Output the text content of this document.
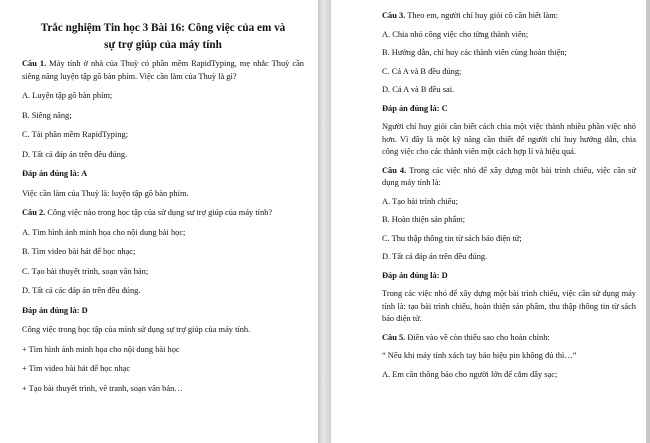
Trắc nghiệm Tin học 3 Bài 16: Công việc của em và
sự trợ giúp của máy tính

Câu 1. Máy tính ở nhà của Thuỳ có phần mềm RapidTyping, mẹ nhắc Thuỳ cần siêng năng luyện tập gõ bàn phím. Việc cần làm của Thuỳ là gì?

A. Luyện tập gõ bàn phím;

B. Siêng năng;

C. Tải phần mềm RapidTyping;

D. Tất cả đáp án trên đều đúng.

Đáp án đúng là: A

Việc cần làm của Thuỳ là: luyện tập gõ bàn phím.

Câu 2. Công việc nào trong học tập của sử dụng sự trợ giúp của máy tính?

A. Tìm hình ảnh minh họa cho nội dung bài học;

B. Tìm video bài hát để học nhạc;

C. Tạo bài thuyết trình, soạn văn bản;

D. Tất cả các đáp án trên đều đúng.

Đáp án đúng là: D

Công việc trong học tập của mình sử dụng sự trợ giúp của máy tính.

+ Tìm hình ảnh minh họa cho nội dung bài học

+ Tìm video bài hát để học nhạc

+ Tạo bài thuyết trình, vẽ tranh, soạn văn bản…

Câu 3. Theo em, người chỉ huy giỏi cô cần biết làm:

A. Chia nhỏ công việc cho từng thành viên;

B. Hướng dẫn, chỉ huy các thành viên cùng hoàn thiện;

C. Cả A và B đều đúng;

D. Cả A và B đều sai.

Đáp án đúng là: C

Người chỉ huy giỏi cần biết cách chia một việc thành nhiều phần việc nhỏ hơn. Vì đây là một kỹ năng cần thiết để người chỉ huy hướng dẫn, chia công việc cho các thành viên một cách hợp lí và hiệu quả.

Câu 4. Trong các việc nhỏ để xây dựng một bài trình chiếu, việc cần sử dụng máy tính là:

A. Tạo bài trình chiếu;

B. Hoàn thiện sản phẩm;

C. Thu thập thông tin từ sách báo điện tử;

D. Tất cả đáp án trên đều đúng.

Đáp án đúng là: D

Trong các việc nhỏ để xây dựng một bài trình chiếu, việc cần sử dụng máy tính là: tạo bài trình chiếu, hoàn thiện sản phẩm, thu thập thông tin từ sách báo điện tử.

Câu 5. Điền vào về còn thiếu sao cho hoàn chỉnh:

“ Nếu khi máy tính xách tay báo hiệu pin không đủ thì…”

A. Em cần thông báo cho người lớn để cắm dây sạc;
